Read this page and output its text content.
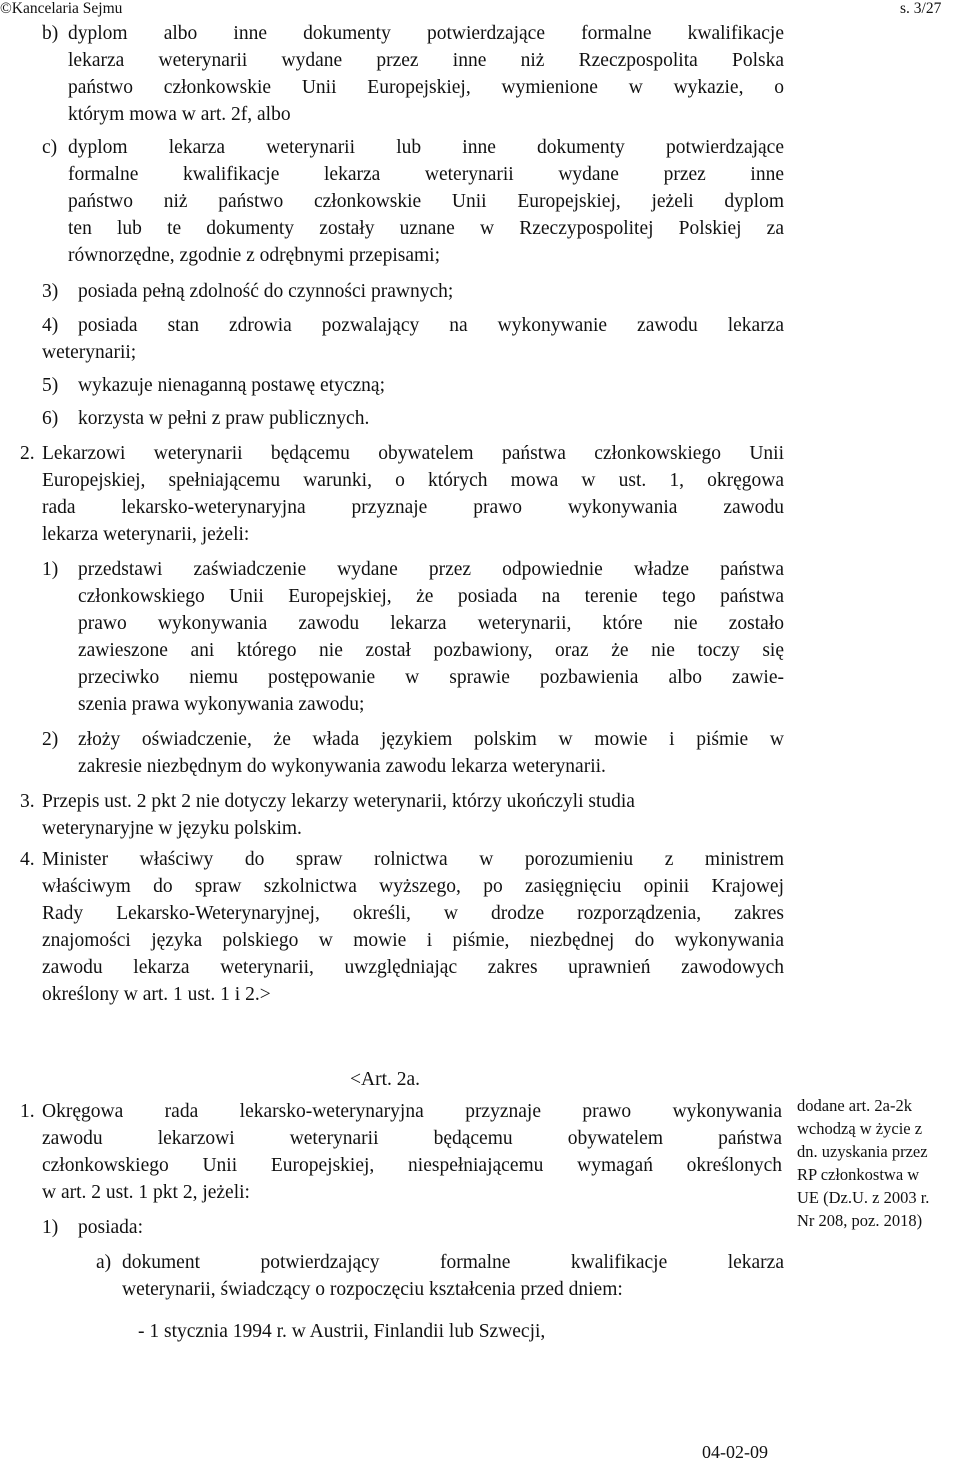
©Kancelaria Sejmu	s. 3/27
b) dyplom albo inne dokumenty potwierdzające formalne kwalifikacje
lekarza weterynarii wydane przez inne niż Rzeczpospolita Polska
państwo członkowskie Unii Europejskiej, wymienione w wykazie, o
którym mowa w art. 2f, albo
c) dyplom lekarza weterynarii lub inne dokumenty potwierdzające
formalne kwalifikacje lekarza weterynarii wydane przez inne
państwo niż państwo członkowskie Unii Europejskiej, jeżeli dyplom
ten lub te dokumenty zostały uznane w Rzeczypospolitej Polskiej za
równorzędne, zgodnie z odrębnymi przepisami;
3) posiada pełną zdolność do czynności prawnych;
4) posiada stan zdrowia pozwalający na wykonywanie zawodu lekarza
weterynarii;
5) wykazuje nienaganną postawę etyczną;
6) korzysta w pełni z praw publicznych.
2. Lekarzowi weterynarii będącemu obywatelem państwa członkowskiego Unii
Europejskiej, spełniającemu warunki, o których mowa w ust. 1, okręgowa
rada lekarsko-weterynaryjna przyznaje prawo wykonywania zawodu
lekarza weterynarii, jeżeli:
1) przedstawi zaświadczenie wydane przez odpowiednie władze państwa
członkowskiego Unii Europejskiej, że posiada na terenie tego państwa
prawo wykonywania zawodu lekarza weterynarii, które nie zostało
zawieszone ani którego nie został pozbawiony, oraz że nie toczy się
przeciwko niemu postępowanie w sprawie pozbawienia albo zawie-
szenia prawa wykonywania zawodu;
2) złoży oświadczenie, że włada językiem polskim w mowie i piśmie w
zakresie niezbędnym do wykonywania zawodu lekarza weterynarii.
3. Przepis ust. 2 pkt 2 nie dotyczy lekarzy weterynarii, którzy ukończyli studia
weterynaryjne w języku polskim.
4. Minister właściwy do spraw rolnictwa w porozumieniu z ministrem
właściwym do spraw szkolnictwa wyższego, po zasięgnięciu opinii Krajowej
Rady Lekarsko-Weterynaryjnej, określi, w drodze rozporządzenia, zakres
znajomości języka polskiego w mowie i piśmie, niezbędnej do wykonywania
zawodu lekarza weterynarii, uwzględniając zakres uprawnień zawodowych
określony w art. 1 ust. 1 i 2.>
<Art. 2a.
1. Okręgowa rada lekarsko-weterynaryjna przyznaje prawo wykonywania
zawodu lekarzowi weterynarii będącemu obywatelem państwa
członkowskiego Unii Europejskiej, niespełniającemu wymagań określonych
w art. 2 ust. 1 pkt 2, jeżeli:
1) posiada:
a) dokument potwierdzający formalne kwalifikacje lekarza
weterynarii, świadczący o rozpoczęciu kształcenia przed dniem:
- 1 stycznia 1994 r. w Austrii, Finlandii lub Szwecji,
dodane art. 2a-2k
wchodzą w życie z
dn. uzyskania przez
RP członkostwa w
UE (Dz.U. z 2003 r.
Nr 208, poz. 2018)
04-02-09
